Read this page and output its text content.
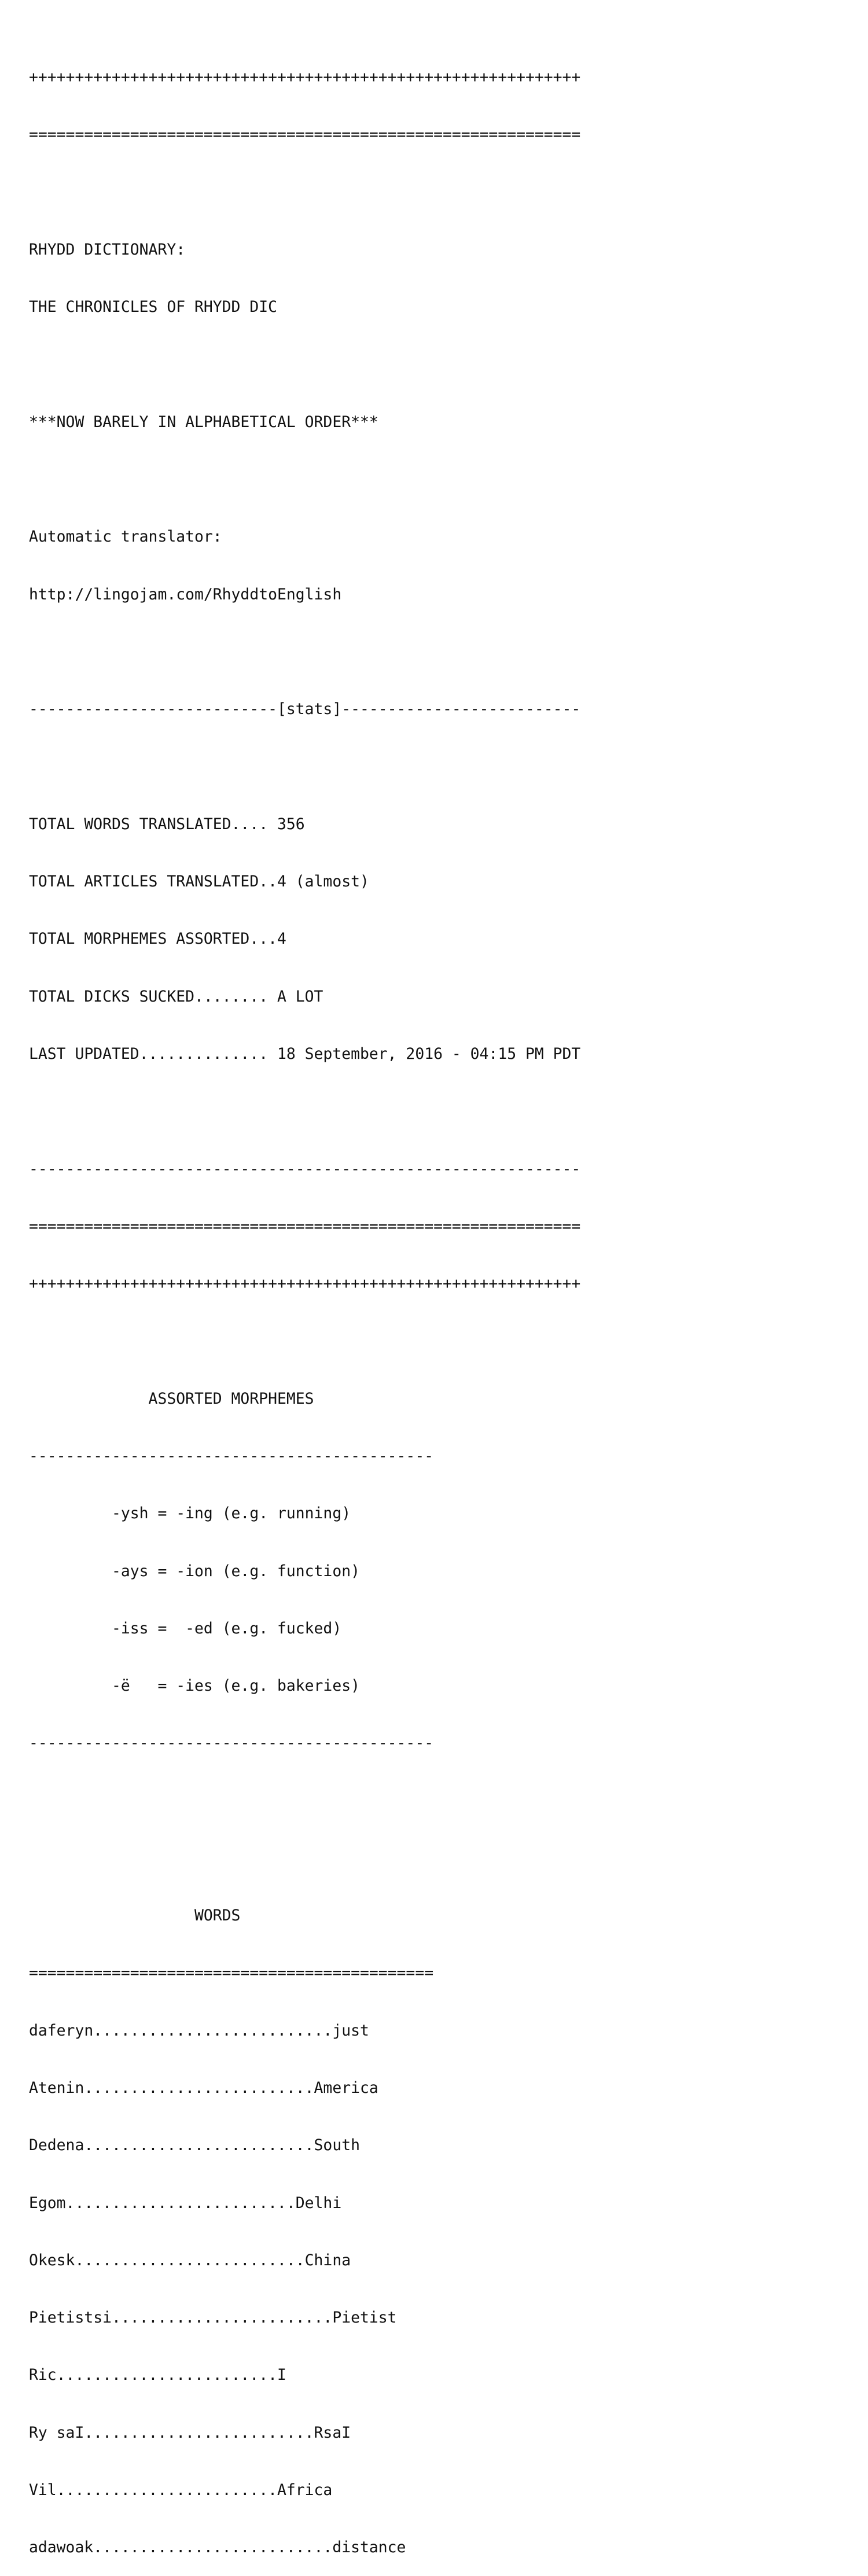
++++++++++++++++++++++++++++++++++++++++++++++++++++++++++++

============================================================

RHYDD DICTIONARY:

THE CHRONICLES OF RHYDD DIC

***NOW BARELY IN ALPHABETICAL ORDER***

Automatic translator:

http://lingojam.com/RhyddtoEnglish

---------------------------[stats]--------------------------

TOTAL WORDS TRANSLATED.... 356

TOTAL ARTICLES TRANSLATED..4 (almost)

TOTAL MORPHEMES ASSORTED...4

TOTAL DICKS SUCKED........ A LOT

LAST UPDATED.............. 18 September, 2016 - 04:15 PM PDT

------------------------------------------------------------

============================================================

++++++++++++++++++++++++++++++++++++++++++++++++++++++++++++

ASSORTED MORPHEMES

--------------------------------------------

-ysh = -ing (e.g. running)

-ays = -ion (e.g. function)

-iss =  -ed (e.g. fucked)

-ë   = -ies (e.g. bakeries)

--------------------------------------------

WORDS

============================================

daferyn..........................just

Atenin.........................America

Dedena.........................South

Egom.........................Delhi

Okesk.........................China

Pietistsi........................Pietist

Ric........................I

Ry saI.........................RsaI

Vil........................Africa

adawoak..........................distance
